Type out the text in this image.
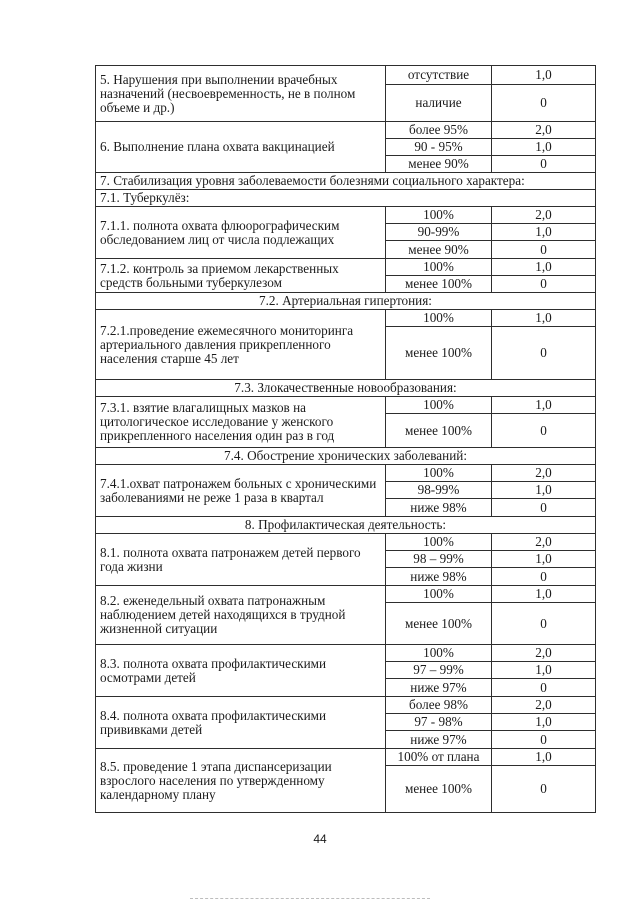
5. Нарушения при выполнении врачебных назначений (несвоевременность, не в полном объеме и др.)	отсутствие	1,0
	наличие	0
6. Выполнение плана охвата вакцинацией	более 95%	2,0
	90 - 95%	1,0
	менее 90%	0
7. Стабилизация уровня заболеваемости болезнями социального характера:		
7.1. Туберкулёз:		
7.1.1. полнота охвата флюорографическим обследованием лиц от числа подлежащих	100%	2,0
	90-99%	1,0
	менее 90%	0
7.1.2. контроль за приемом лекарственных средств больными туберкулезом	100%	1,0
	менее 100%	0
7.2. Артериальная гипертония:		
7.2.1.проведение ежемесячного мониторинга артериального давления прикрепленного населения старше 45 лет	100%	1,0
	менее 100%	0
7.3. Злокачественные новообразования:		
7.3.1. взятие влагалищных мазков на цитологическое исследование у женского прикрепленного населения один раз в год	100%	1,0
	менее 100%	0
7.4. Обострение хронических заболеваний:		
7.4.1.охват патронажем больных с хроническими заболеваниями не реже 1 раза в квартал	100%	2,0
	98-99%	1,0
	ниже 98%	0
8. Профилактическая деятельность:		
8.1. полнота охвата патронажем детей первого года жизни	100%	2,0
	98 – 99%	1,0
	ниже 98%	0
8.2. еженедельный охвата патронажным наблюдением детей находящихся в трудной жизненной ситуации	100%	1,0
	менее 100%	0
8.3. полнота охвата профилактическими осмотрами детей	100%	2,0
	97 – 99%	1,0
	ниже 97%	0
8.4. полнота охвата профилактическими прививками детей	более 98%	2,0
	97 - 98%	1,0
	ниже 97%	0
8.5. проведение 1 этапа диспансеризации взрослого населения по утвержденному календарному плану	100% от плана	1,0
	менее 100%	0
44
